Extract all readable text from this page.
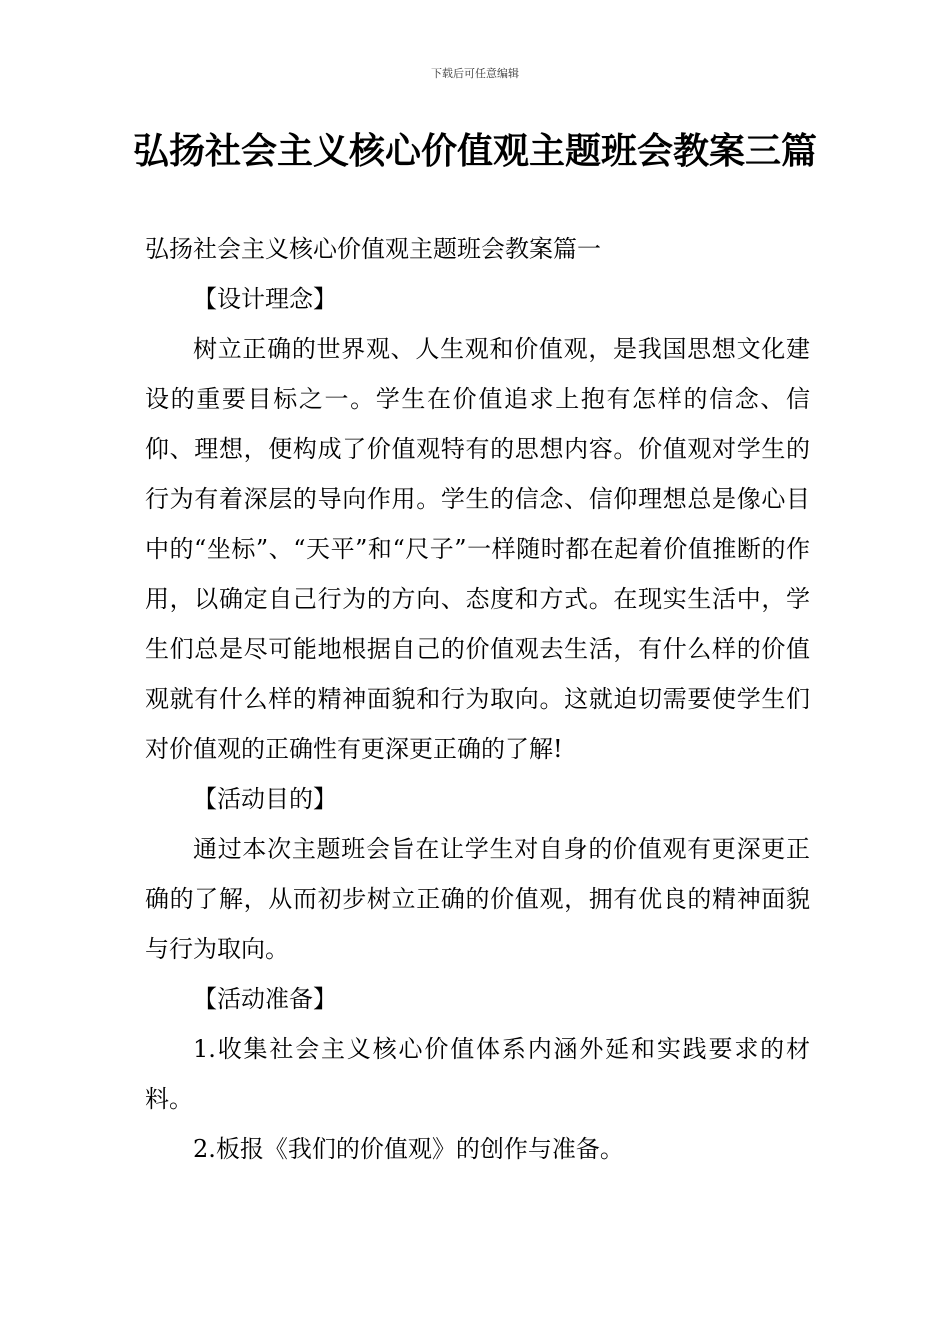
下载后可任意编辑
弘扬社会主义核心价值观主题班会教案三篇

弘扬社会主义核心价值观主题班会教案篇一

【设计理念】

树立正确的世界观、人生观和价值观，是我国思想文化建设的重要目标之一。学生在价值追求上抱有怎样的信念、信仰、理想，便构成了价值观特有的思想内容。价值观对学生的行为有着深层的导向作用。学生的信念、信仰理想总是像心目中的“坐标”、“天平”和“尺子”一样随时都在起着价值推断的作用，以确定自己行为的方向、态度和方式。在现实生活中，学生们总是尽可能地根据自己的价值观去生活，有什么样的价值观就有什么样的精神面貌和行为取向。这就迫切需要使学生们对价值观的正确性有更深更正确的了解!

【活动目的】

通过本次主题班会旨在让学生对自身的价值观有更深更正确的了解，从而初步树立正确的价值观，拥有优良的精神面貌与行为取向。

【活动准备】

1.收集社会主义核心价值体系内涵外延和实践要求的材料。

2.板报《我们的价值观》的创作与准备。
